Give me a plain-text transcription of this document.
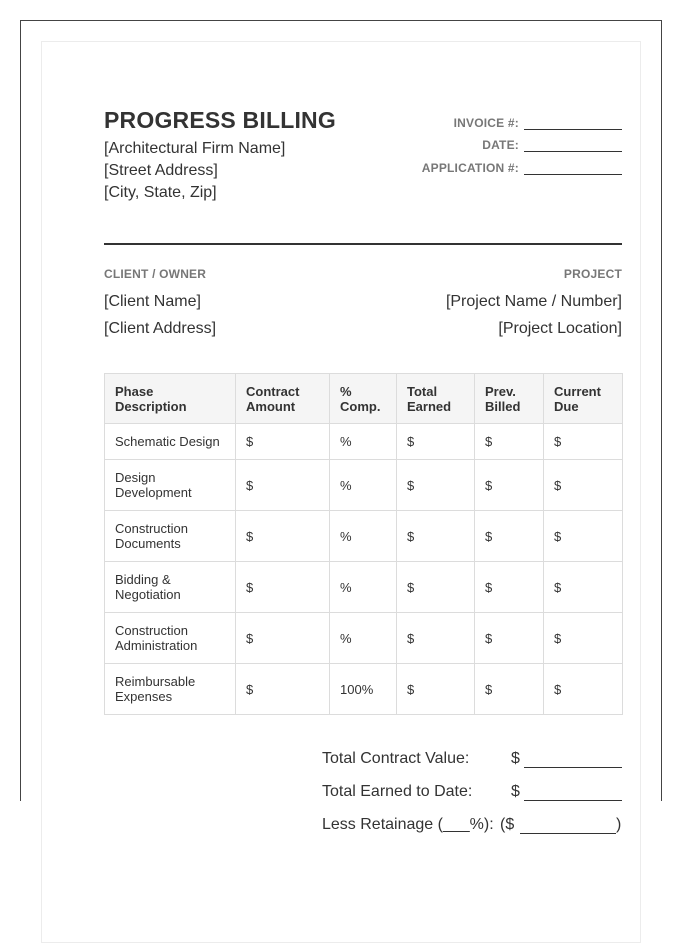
PROGRESS BILLING
[Architectural Firm Name]
[Street Address]
[City, State, Zip]
INVOICE #:
DATE:
APPLICATION #:
CLIENT / OWNER
[Client Name]
[Client Address]
PROJECT
[Project Name / Number]
[Project Location]
Phase Description	Contract Amount	% Comp.	Total Earned	Prev. Billed	Current Due
Schematic Design	$	%	$	$	$
Design Development	$	%	$	$	$
Construction Documents	$	%	$	$	$
Bidding & Negotiation	$	%	$	$	$
Construction Administration	$	%	$	$	$
Reimbursable Expenses	$	100%	$	$	$
Total Contract Value:	$
Total Earned to Date:	$
Less Retainage (___%): ($	)
